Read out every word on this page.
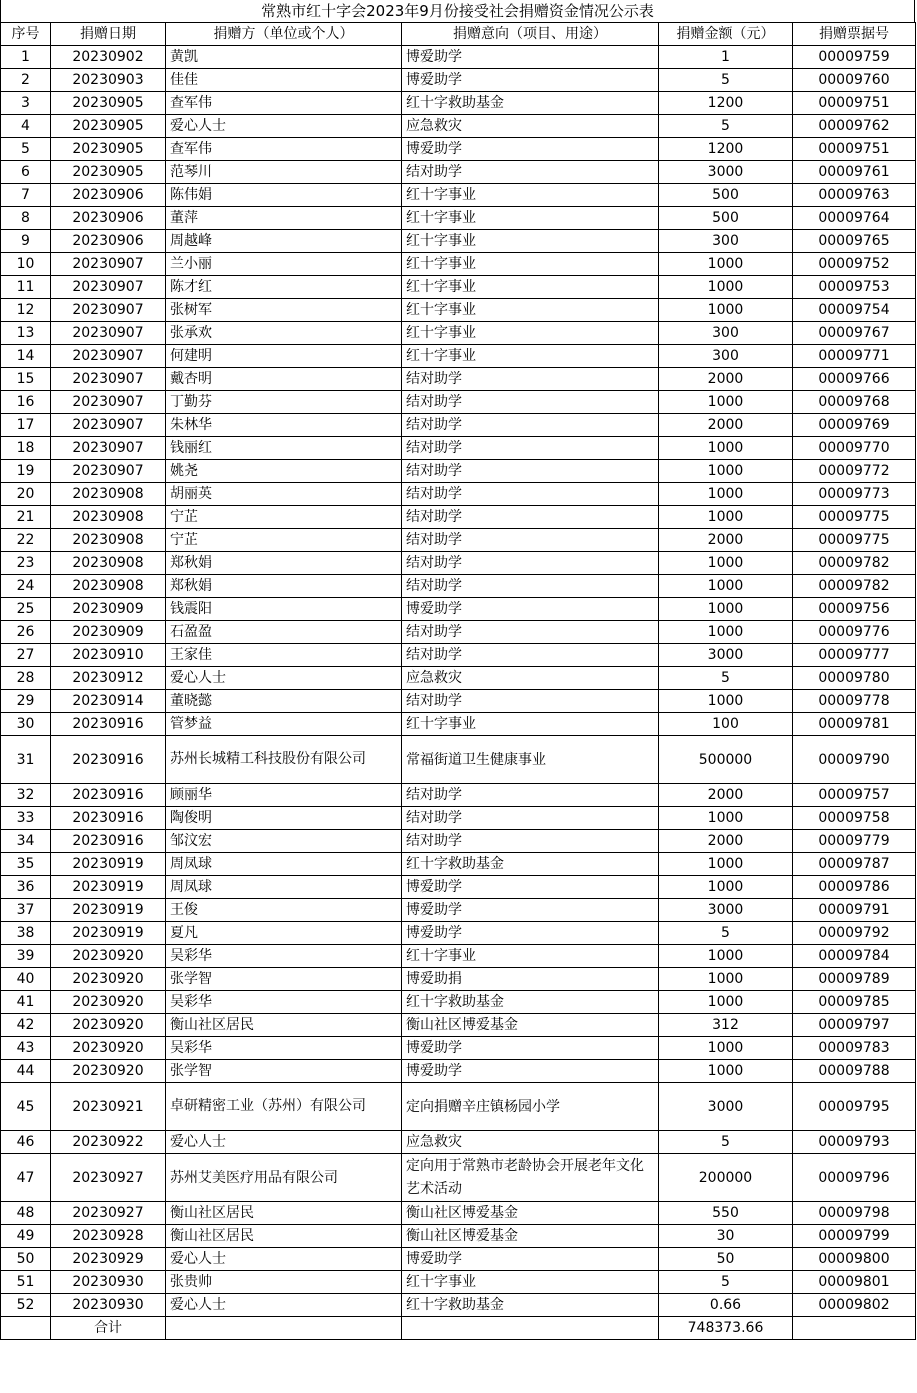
常熟市红十字会2023年9月份接受社会捐赠资金情况公示表
序号	捐赠日期	捐赠方（单位或个人）	捐赠意向（项目、用途）	捐赠金额（元）	捐赠票据号
1	20230902	黄凯	博爱助学	1	00009759
2	20230903	佳佳	博爱助学	5	00009760
3	20230905	查军伟	红十字救助基金	1200	00009751
4	20230905	爱心人士	应急救灾	5	00009762
5	20230905	查军伟	博爱助学	1200	00009751
6	20230905	范琴川	结对助学	3000	00009761
7	20230906	陈伟娟	红十字事业	500	00009763
8	20230906	董萍	红十字事业	500	00009764
9	20230906	周越峰	红十字事业	300	00009765
10	20230907	兰小丽	红十字事业	1000	00009752
11	20230907	陈才红	红十字事业	1000	00009753
12	20230907	张树军	红十字事业	1000	00009754
13	20230907	张承欢	红十字事业	300	00009767
14	20230907	何建明	红十字事业	300	00009771
15	20230907	戴杏明	结对助学	2000	00009766
16	20230907	丁勤芬	结对助学	1000	00009768
17	20230907	朱林华	结对助学	2000	00009769
18	20230907	钱丽红	结对助学	1000	00009770
19	20230907	姚尧	结对助学	1000	00009772
20	20230908	胡丽英	结对助学	1000	00009773
21	20230908	宁芷	结对助学	1000	00009775
22	20230908	宁芷	结对助学	2000	00009775
23	20230908	郑秋娟	结对助学	1000	00009782
24	20230908	郑秋娟	结对助学	1000	00009782
25	20230909	钱震阳	博爱助学	1000	00009756
26	20230909	石盈盈	结对助学	1000	00009776
27	20230910	王家佳	结对助学	3000	00009777
28	20230912	爱心人士	应急救灾	5	00009780
29	20230914	董晓懿	结对助学	1000	00009778
30	20230916	管梦益	红十字事业	100	00009781
31	20230916	苏州长城精工科技股份有限公司	常福街道卫生健康事业	500000	00009790
32	20230916	顾丽华	结对助学	2000	00009757
33	20230916	陶俊明	结对助学	1000	00009758
34	20230916	邹汶宏	结对助学	2000	00009779
35	20230919	周凤球	红十字救助基金	1000	00009787
36	20230919	周凤球	博爱助学	1000	00009786
37	20230919	王俊	博爱助学	3000	00009791
38	20230919	夏凡	博爱助学	5	00009792
39	20230920	吴彩华	红十字事业	1000	00009784
40	20230920	张学智	博爱助捐	1000	00009789
41	20230920	吴彩华	红十字救助基金	1000	00009785
42	20230920	衡山社区居民	衡山社区博爱基金	312	00009797
43	20230920	吴彩华	博爱助学	1000	00009783
44	20230920	张学智	博爱助学	1000	00009788
45	20230921	卓研精密工业（苏州）有限公司	定向捐赠辛庄镇杨园小学	3000	00009795
46	20230922	爱心人士	应急救灾	5	00009793
47	20230927	苏州艾美医疗用品有限公司	定向用于常熟市老龄协会开展老年文化艺术活动	200000	00009796
48	20230927	衡山社区居民	衡山社区博爱基金	550	00009798
49	20230928	衡山社区居民	衡山社区博爱基金	30	00009799
50	20230929	爱心人士	博爱助学	50	00009800
51	20230930	张贵帅	红十字事业	5	00009801
52	20230930	爱心人士	红十字救助基金	0.66	00009802
	合计			748373.66	
